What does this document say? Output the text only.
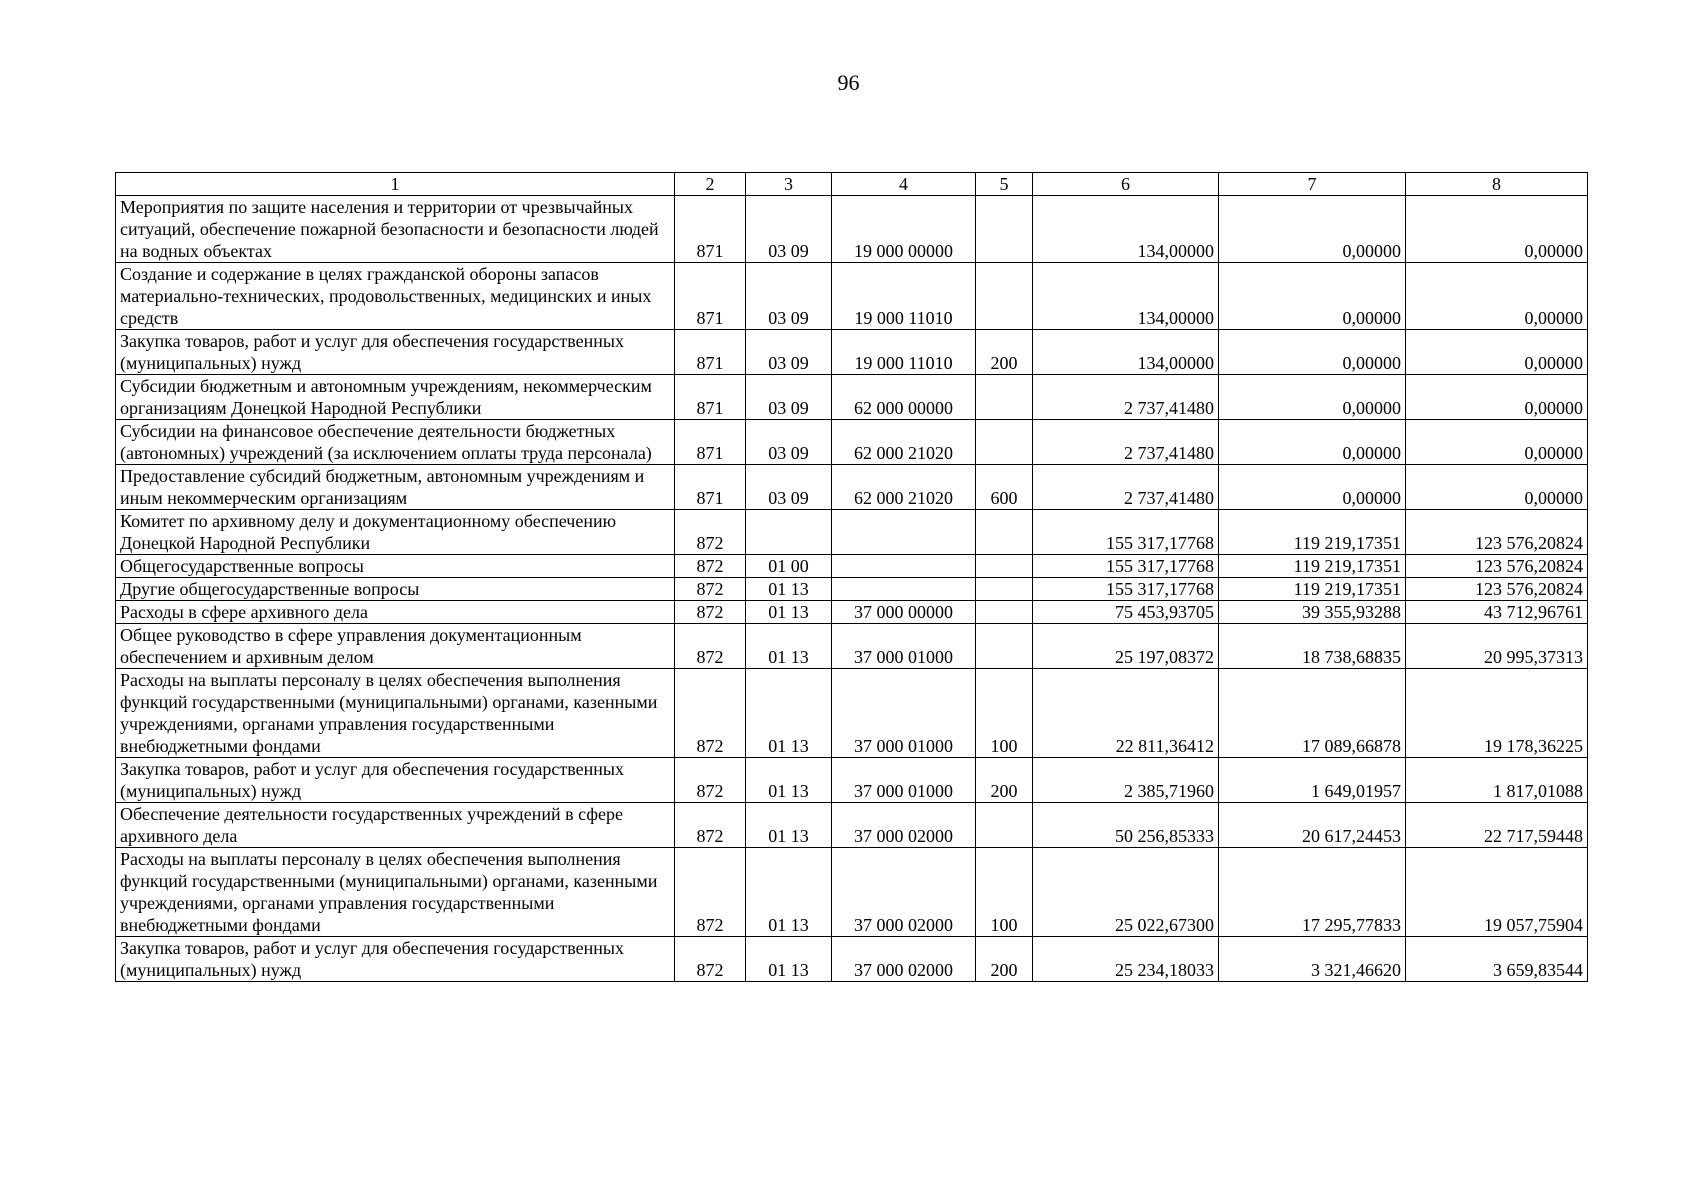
96
1	2	3	4	5	6	7	8
Мероприятия по защите населения и территории от чрезвычайных ситуаций, обеспечение пожарной безопасности и безопасности людей на водных объектах	871	03 09	19 000 00000		134,00000	0,00000	0,00000
Создание и содержание в целях гражданской обороны запасов материально-технических, продовольственных, медицинских и иных средств	871	03 09	19 000 11010		134,00000	0,00000	0,00000
Закупка товаров, работ и услуг для обеспечения государственных (муниципальных) нужд	871	03 09	19 000 11010	200	134,00000	0,00000	0,00000
Субсидии бюджетным и автономным учреждениям, некоммерческим организациям Донецкой Народной Республики	871	03 09	62 000 00000		2 737,41480	0,00000	0,00000
Субсидии на финансовое обеспечение деятельности бюджетных (автономных) учреждений (за исключением оплаты труда персонала)	871	03 09	62 000 21020		2 737,41480	0,00000	0,00000
Предоставление субсидий бюджетным, автономным учреждениям и иным некоммерческим организациям	871	03 09	62 000 21020	600	2 737,41480	0,00000	0,00000
Комитет по архивному делу и документационному обеспечению Донецкой Народной Республики	872				155 317,17768	119 219,17351	123 576,20824
Общегосударственные вопросы	872	01 00			155 317,17768	119 219,17351	123 576,20824
Другие общегосударственные вопросы	872	01 13			155 317,17768	119 219,17351	123 576,20824
Расходы в сфере архивного дела	872	01 13	37 000 00000		75 453,93705	39 355,93288	43 712,96761
Общее руководство в сфере управления документационным обеспечением и архивным делом	872	01 13	37 000 01000		25 197,08372	18 738,68835	20 995,37313
Расходы на выплаты персоналу в целях обеспечения выполнения функций государственными (муниципальными) органами, казенными учреждениями, органами управления государственными внебюджетными фондами	872	01 13	37 000 01000	100	22 811,36412	17 089,66878	19 178,36225
Закупка товаров, работ и услуг для обеспечения государственных (муниципальных) нужд	872	01 13	37 000 01000	200	2 385,71960	1 649,01957	1 817,01088
Обеспечение деятельности государственных учреждений в сфере архивного дела	872	01 13	37 000 02000		50 256,85333	20 617,24453	22 717,59448
Расходы на выплаты персоналу в целях обеспечения выполнения функций государственными (муниципальными) органами, казенными учреждениями, органами управления государственными внебюджетными фондами	872	01 13	37 000 02000	100	25 022,67300	17 295,77833	19 057,75904
Закупка товаров, работ и услуг для обеспечения государственных (муниципальных) нужд	872	01 13	37 000 02000	200	25 234,18033	3 321,46620	3 659,83544
